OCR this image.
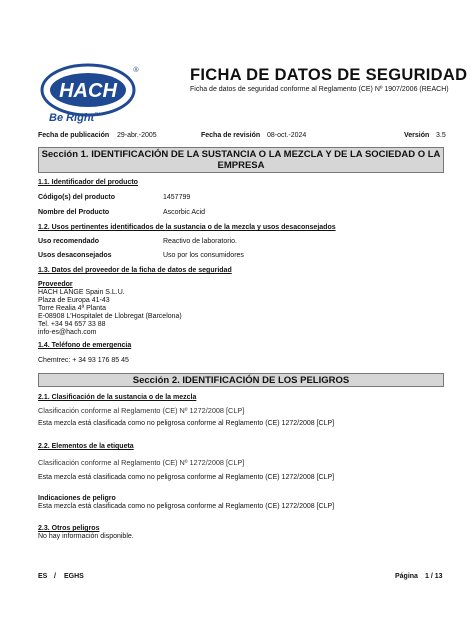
HACH
®
Be Right™
FICHA DE DATOS DE SEGURIDAD
Ficha de datos de seguridad conforme al Reglamento (CE) Nº 1907/2006 (REACH)
Fecha de publicación 29-abr.-2005	Fecha de revisión 08-oct.-2024	Versión 3.5
Sección 1. IDENTIFICACIÓN DE LA SUSTANCIA O LA MEZCLA Y DE LA SOCIEDAD O LA EMPRESA
1.1. Identificador del producto
Código(s) del producto	1457799
Nombre del Producto	Ascorbic Acid
1.2. Usos pertinentes identificados de la sustancia o de la mezcla y usos desaconsejados
Uso recomendado	Reactivo de laboratorio.
Usos desaconsejados	Uso por los consumidores
1.3. Datos del proveedor de la ficha de datos de seguridad
Proveedor
HACH LANGE Spain S.L.U.
Plaza de Europa 41-43
Torre Realia 4ª Planta
E-08908 L'Hospitalet de Llobregat (Barcelona)
Tel. +34 94 657 33 88
info-es@hach.com
1.4. Teléfono de emergencia
Chemtrec: + 34 93 176 85 45
Sección 2. IDENTIFICACIÓN DE LOS PELIGROS
2.1. Clasificación de la sustancia o de la mezcla
Clasificación conforme al Reglamento (CE) Nº 1272/2008 [CLP]
Esta mezcla está clasificada como no peligrosa conforme al Reglamento (CE) 1272/2008 [CLP]
2.2. Elementos de la etiqueta
Clasificación conforme al Reglamento (CE) Nº 1272/2008 [CLP]
Esta mezcla está clasificada como no peligrosa conforme al Reglamento (CE) 1272/2008 [CLP]
Indicaciones de peligro
Esta mezcla está clasificada como no peligrosa conforme al Reglamento (CE) 1272/2008 [CLP]
2.3. Otros peligros
No hay información disponible.
ES / EGHS	Página 1 / 13
